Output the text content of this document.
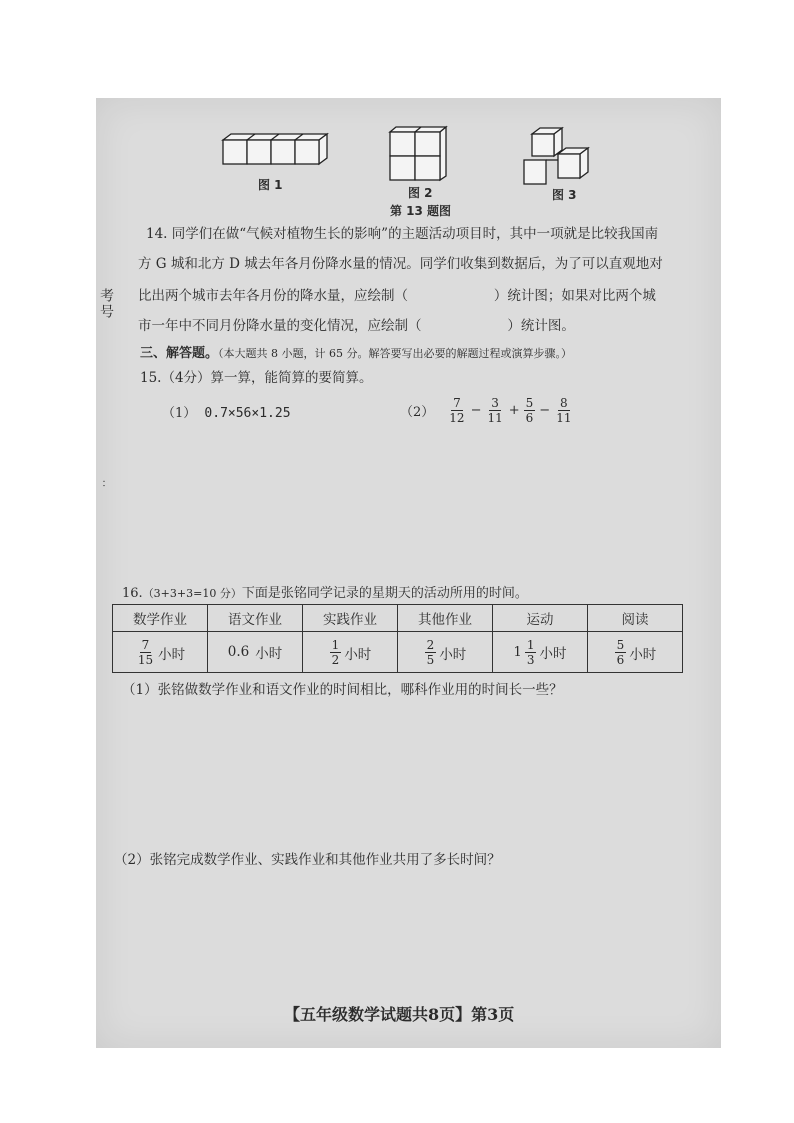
考号
：
图 1
图 2	图 3
第 13 题图
14. 同学们在做“气候对植物生长的影响”的主题活动项目时，其中一项就是比较我国南
方 G 城和北方 D 城去年各月份降水量的情况。同学们收集到数据后，为了可以直观地对
比出两个城市去年各月份的降水量，应绘制（                    ）统计图；如果对比两个城
市一年中不同月份降水量的变化情况，应绘制（                    ）统计图。
三、解答题。（本大题共 8 小题，计 65 分。解答要写出必要的解题过程或演算步骤。）
15.（4分）算一算，能简算的要简算。
（1） 0.7×56×1.25	$(2) \frac{7}{12} - \frac{3}{11} + \frac{5}{6} - \frac{8}{11}$
16.（3+3+3=10 分）下面是张铭同学记录的星期天的活动所用的时间。
数学作业	语文作业	实践作业	其他作业	运动	阅读

$\frac{7}{15}$ 小时	0.6 小时	$\frac{1}{2}$ 小时	$\frac{2}{5}$ 小时	$1 \frac{1}{3}$ 小时	$\frac{5}{6}$ 小时
（1）张铭做数学作业和语文作业的时间相比，哪科作业用的时间长一些？
（2）张铭完成数学作业、实践作业和其他作业共用了多长时间？
【五年级数学试题共8页】第3页
